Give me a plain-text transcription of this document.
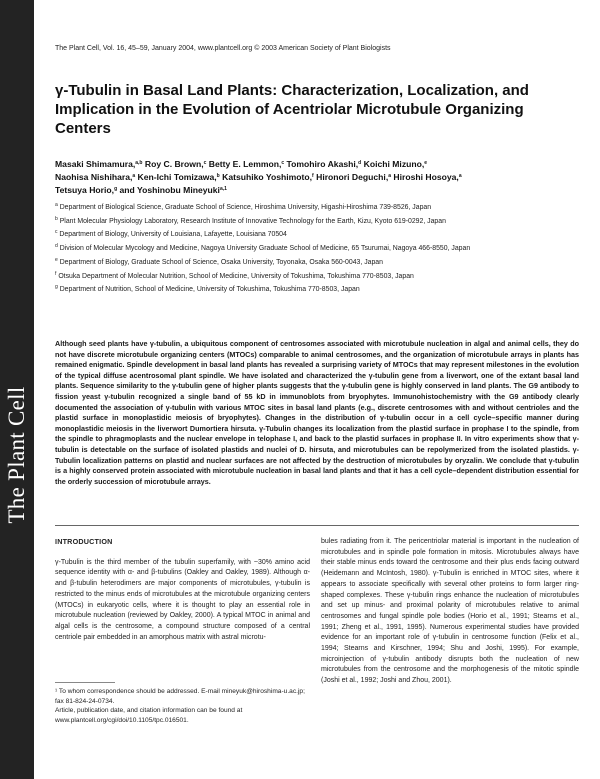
The Plant Cell
The Plant Cell, Vol. 16, 45–59, January 2004, www.plantcell.org © 2003 American Society of Plant Biologists
γ-Tubulin in Basal Land Plants: Characterization, Localization, and Implication in the Evolution of Acentriolar Microtubule Organizing Centers
Masaki Shimamura,$^{a,b}$ Roy C. Brown,$^c$ Betty E. Lemmon,$^c$ Tomohiro Akashi,$^d$ Koichi Mizuno,$^e$
Naohisa Nishihara,$^a$ Ken-Ichi Tomizawa,$^b$ Katsuhiko Yoshimoto,$^f$ Hironori Deguchi,$^a$ Hiroshi Hosoya,$^a$
Tetsuya Horio,$^g$ and Yoshinobu Mineyuki$^{a,1}$
$^a$ Department of Biological Science, Graduate School of Science, Hiroshima University, Higashi-Hiroshima 739-8526, Japan
$^b$ Plant Molecular Physiology Laboratory, Research Institute of Innovative Technology for the Earth, Kizu, Kyoto 619-0292, Japan
$^c$ Department of Biology, University of Louisiana, Lafayette, Louisiana 70504
$^d$ Division of Molecular Mycology and Medicine, Nagoya University Graduate School of Medicine, 65 Tsurumai, Nagoya 466-8550, Japan
$^e$ Department of Biology, Graduate School of Science, Osaka University, Toyonaka, Osaka 560-0043, Japan
$^f$ Otsuka Department of Molecular Nutrition, School of Medicine, University of Tokushima, Tokushima 770-8503, Japan
$^g$ Department of Nutrition, School of Medicine, University of Tokushima, Tokushima 770-8503, Japan
Although seed plants have γ-tubulin, a ubiquitous component of centrosomes associated with microtubule nucleation in algal and animal cells, they do not have discrete microtubule organizing centers (MTOCs) comparable to animal centrosomes, and the organization of microtubule arrays in plants has remained enigmatic. Spindle development in basal land plants has revealed a surprising variety of MTOCs that may represent milestones in the evolution of the typical diffuse acentrosomal plant spindle. We have isolated and characterized the γ-tubulin gene from a liverwort, one of the extant basal land plants. Sequence similarity to the γ-tubulin gene of higher plants suggests that the γ-tubulin gene is highly conserved in land plants. The G9 antibody to fission yeast γ-tubulin recognized a single band of 55 kD in immunoblots from bryophytes. Immunohistochemistry with the G9 antibody clearly documented the association of γ-tubulin with various MTOC sites in basal land plants (e.g., discrete centrosomes with and without centrioles and the plastid surface in monoplastidic meiosis of bryophytes). Changes in the distribution of γ-tubulin occur in a cell cycle–specific manner during monoplastidic meiosis in the liverwort Dumortiera hirsuta. γ-Tubulin changes its localization from the plastid surface in prophase I to the spindle, from the spindle to phragmoplasts and the nuclear envelope in telophase I, and back to the plastid surfaces in prophase II. In vitro experiments show that γ-tubulin is detectable on the surface of isolated plastids and nuclei of D. hirsuta, and microtubules can be repolymerized from the isolated plastids. γ-Tubulin localization patterns on plastid and nuclear surfaces are not affected by the destruction of microtubules by oryzalin. We conclude that γ-tubulin is a highly conserved protein associated with microtubule nucleation in basal land plants and that it has a cell cycle–dependent distribution essential for the orderly succession of microtubule arrays.
INTRODUCTION

γ-Tubulin is the third member of the tubulin superfamily, with ~30% amino acid sequence identity with α- and β-tubulins (Oakley and Oakley, 1989). Although α- and β-tubulin heterodimers are major components of microtubules, γ-tubulin is restricted to the minus ends of microtubules at the microtubule organizing centers (MTOCs) in eukaryotic cells, where it is thought to play an essential role in microtubule nucleation (reviewed by Oakley, 2000). A typical MTOC in animal and algal cells is the centrosome, a compound structure composed of a central centriole pair embedded in an amorphous matrix with astral microtu-

bules radiating from it. The pericentriolar material is important in the nucleation of microtubules and in spindle pole formation in mitosis. Microtubules always have their stable minus ends toward the centrosome and their plus ends facing outward (Heidemann and McIntosh, 1980). γ-Tubulin is enriched in MTOC sites, where it appears to associate specifically with several other proteins to form larger ring-shaped complexes. These γ-tubulin rings enhance the nucleation of microtubules and set up minus- and proximal polarity of microtubules relative to animal centrosomes and fungal spindle pole bodies (Horio et al., 1991; Stearns et al., 1991; Zheng et al., 1991, 1995). Numerous experimental studies have provided evidence for an important role of γ-tubulin in centrosome function (Felix et al., 1994; Stearns and Kirschner, 1994; Shu and Joshi, 1995). For example, microinjection of γ-tubulin antibody disrupts both the nucleation of new microtubules from the centrosome and the morphogenesis of the mitotic spindle (Joshi et al., 1992; Joshi and Zhou, 2001).

¹ To whom correspondence should be addressed. E-mail mineyuk@hiroshima-u.ac.jp; fax 81-824-24-0734.

Article, publication date, and citation information can be found at www.plantcell.org/cgi/doi/10.1105/tpc.016501.
